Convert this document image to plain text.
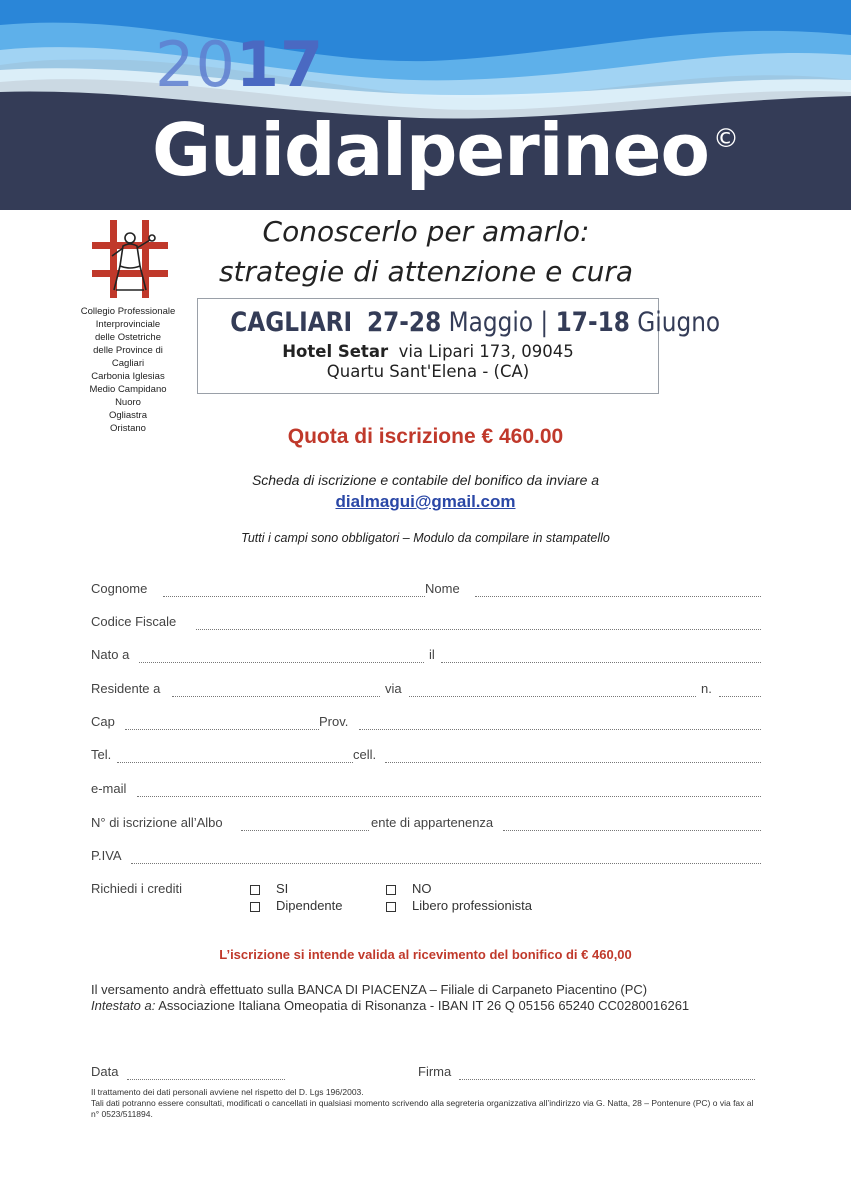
2017
Guidalperineo ©
Collegio Professionale
Interprovinciale
delle Ostetriche
delle Province di
Cagliari
Carbonia Iglesias
Medio Campidano
Nuoro
Ogliastra
Oristano
Conoscerlo per amarlo:
strategie di attenzione e cura
CAGLIARI 27-28 Maggio | 17-18 Giugno
Hotel Setar via Lipari 173, 09045
Quartu Sant'Elena - (CA)
Quota di iscrizione € 460.00
Scheda di iscrizione e contabile del bonifico da inviare a
dialmagui@gmail.com
Tutti i campi sono obbligatori – Modulo da compilare in stampatello
Cognome	Nome
Codice Fiscale
Nato a	il
Residente a	via	n.
Cap	Prov.
Tel.	cell.
e-mail
N° di iscrizione all’Albo	ente di appartenenza
P.IVA
Richiedi i crediti	SI	NO
Dipendente	Libero professionista
L’iscrizione si intende valida al ricevimento del bonifico di € 460,00
Il versamento andrà effettuato sulla BANCA DI PIACENZA – Filiale di Carpaneto Piacentino (PC)
Intestato a: Associazione Italiana Omeopatia di Risonanza - IBAN IT 26 Q 05156 65240 CC0280016261
Data	Firma
Il trattamento dei dati personali avviene nel rispetto del D. Lgs 196/2003.
Tali dati potranno essere consultati, modificati o cancellati in qualsiasi momento scrivendo alla segreteria organizzativa all’indirizzo via G. Natta, 28 – Pontenure (PC) o via fax al n° 0523/511894.
